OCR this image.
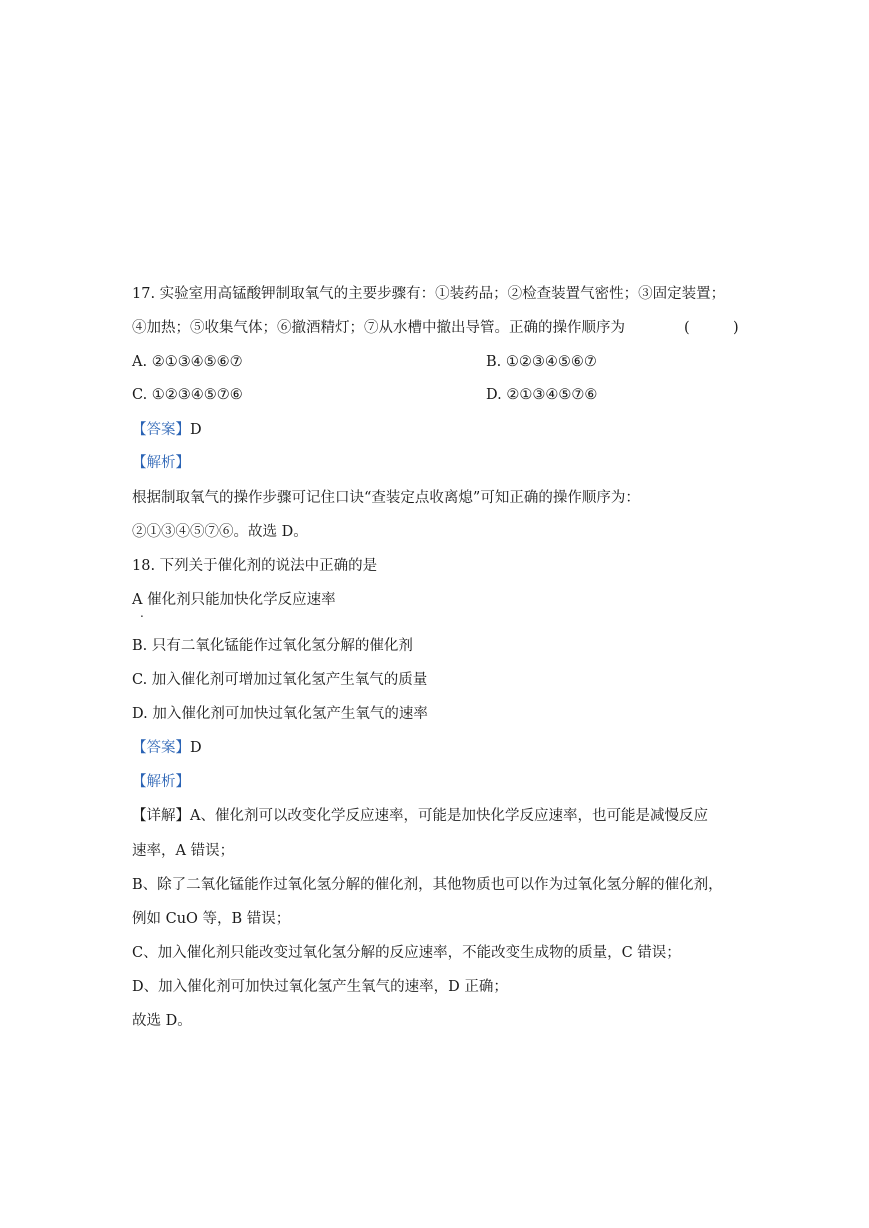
17. 实验室用高锰酸钾制取氧气的主要步骤有：①装药品；②检查装置气密性；③固定装置；
④加热；⑤收集气体；⑥撤酒精灯；⑦从水槽中撤出导管。正确的操作顺序为	(	)
A. ②①③④⑤⑥⑦	B. ①②③④⑤⑥⑦
C. ①②③④⑤⑦⑥	D. ②①③④⑤⑦⑥
【答案】D
【解析】
根据制取氧气的操作步骤可记住口诀“查装定点收离熄”可知正确的操作顺序为：
②①③④⑤⑦⑥。故选 D。
18. 下列关于催化剂的说法中正确的是
A 催化剂只能加快化学反应速率
.
B. 只有二氧化锰能作过氧化氢分解的催化剂
C. 加入催化剂可增加过氧化氢产生氧气的质量
D. 加入催化剂可加快过氧化氢产生氧气的速率
【答案】D
【解析】
【详解】A、催化剂可以改变化学反应速率，可能是加快化学反应速率，也可能是减慢反应
速率，A 错误；
B、除了二氧化锰能作过氧化氢分解的催化剂，其他物质也可以作为过氧化氢分解的催化剂，
例如 CuO 等，B 错误；
C、加入催化剂只能改变过氧化氢分解的反应速率，不能改变生成物的质量，C 错误；
D、加入催化剂可加快过氧化氢产生氧气的速率，D 正确；
故选 D。
